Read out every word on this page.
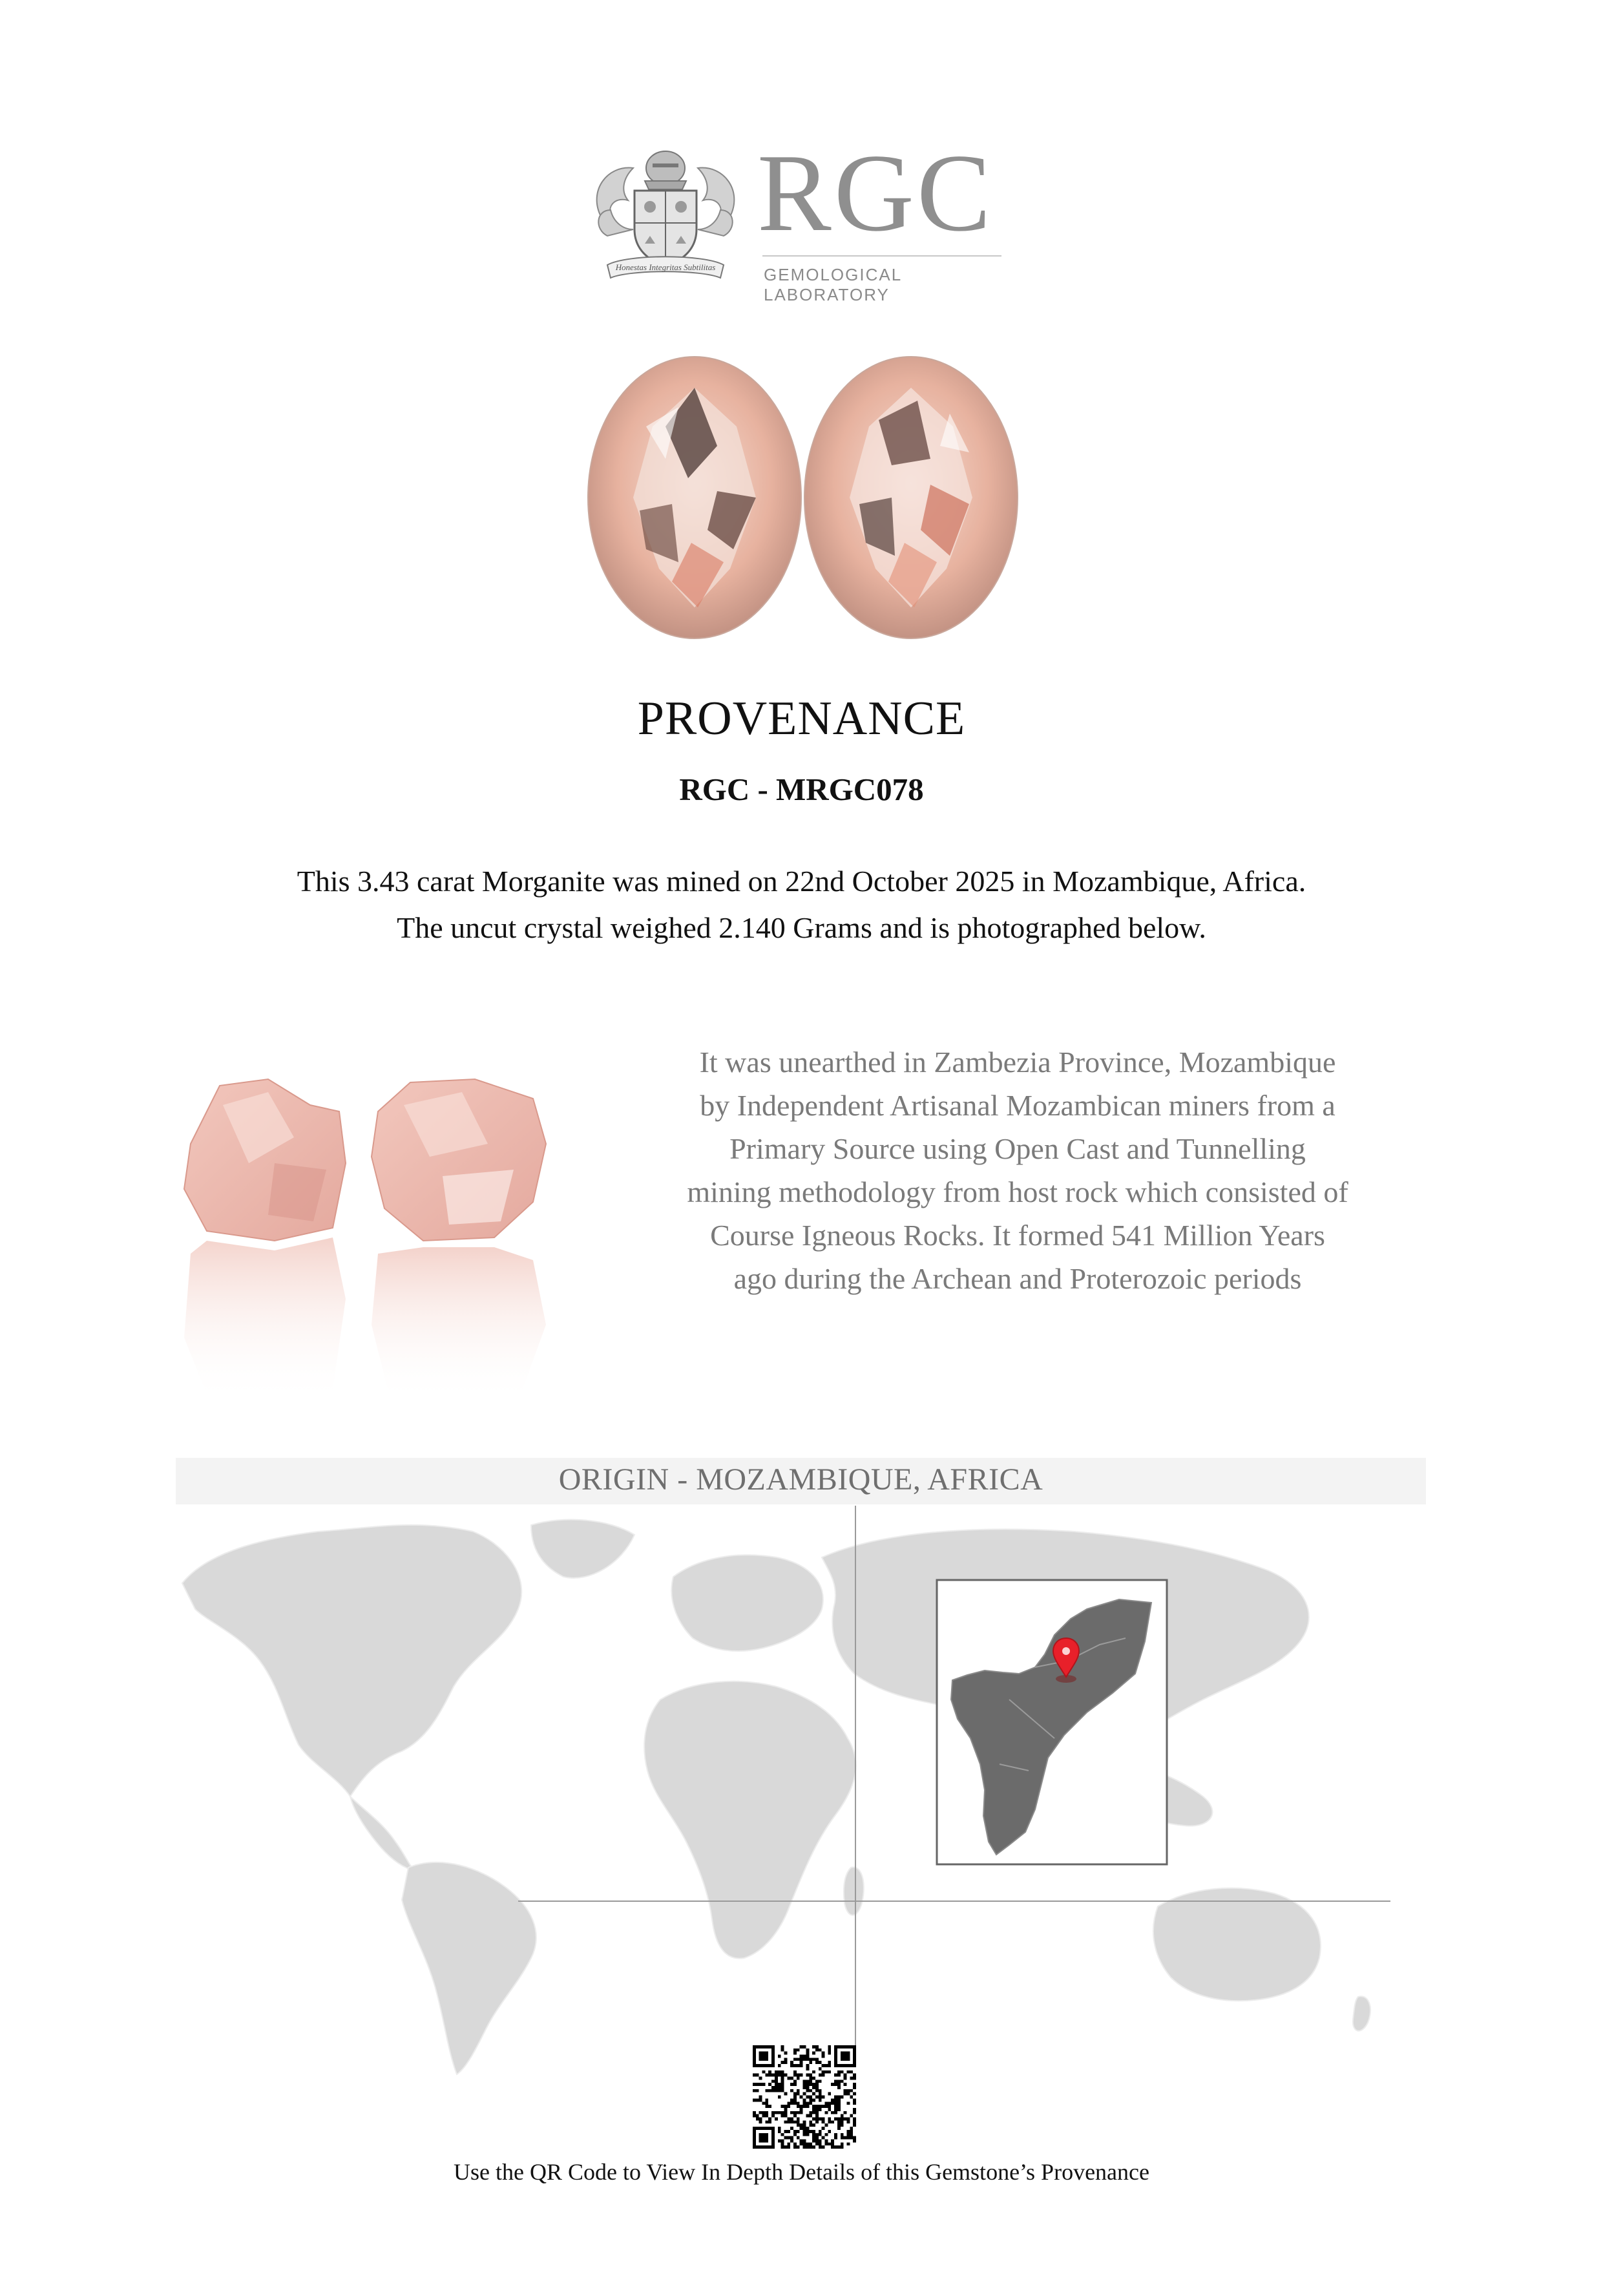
Honestas Integritas Subtilitas
RGC
GEMOLOGICAL LABORATORY
PROVENANCE
RGC - MRGC078
This 3.43 carat Morganite was mined on 22nd October 2025 in Mozambique, Africa.
The uncut crystal weighed 2.140 Grams and is photographed below.
It was unearthed in Zambezia Province, Mozambique
by Independent Artisanal Mozambican miners from a
Primary Source using Open Cast and Tunnelling
mining methodology from host rock which consisted of
Course Igneous Rocks. It formed 541 Million Years
ago during the Archean and Proterozoic periods
ORIGIN - MOZAMBIQUE, AFRICA
Use the QR Code to View In Depth Details of this Gemstone’s Provenance
